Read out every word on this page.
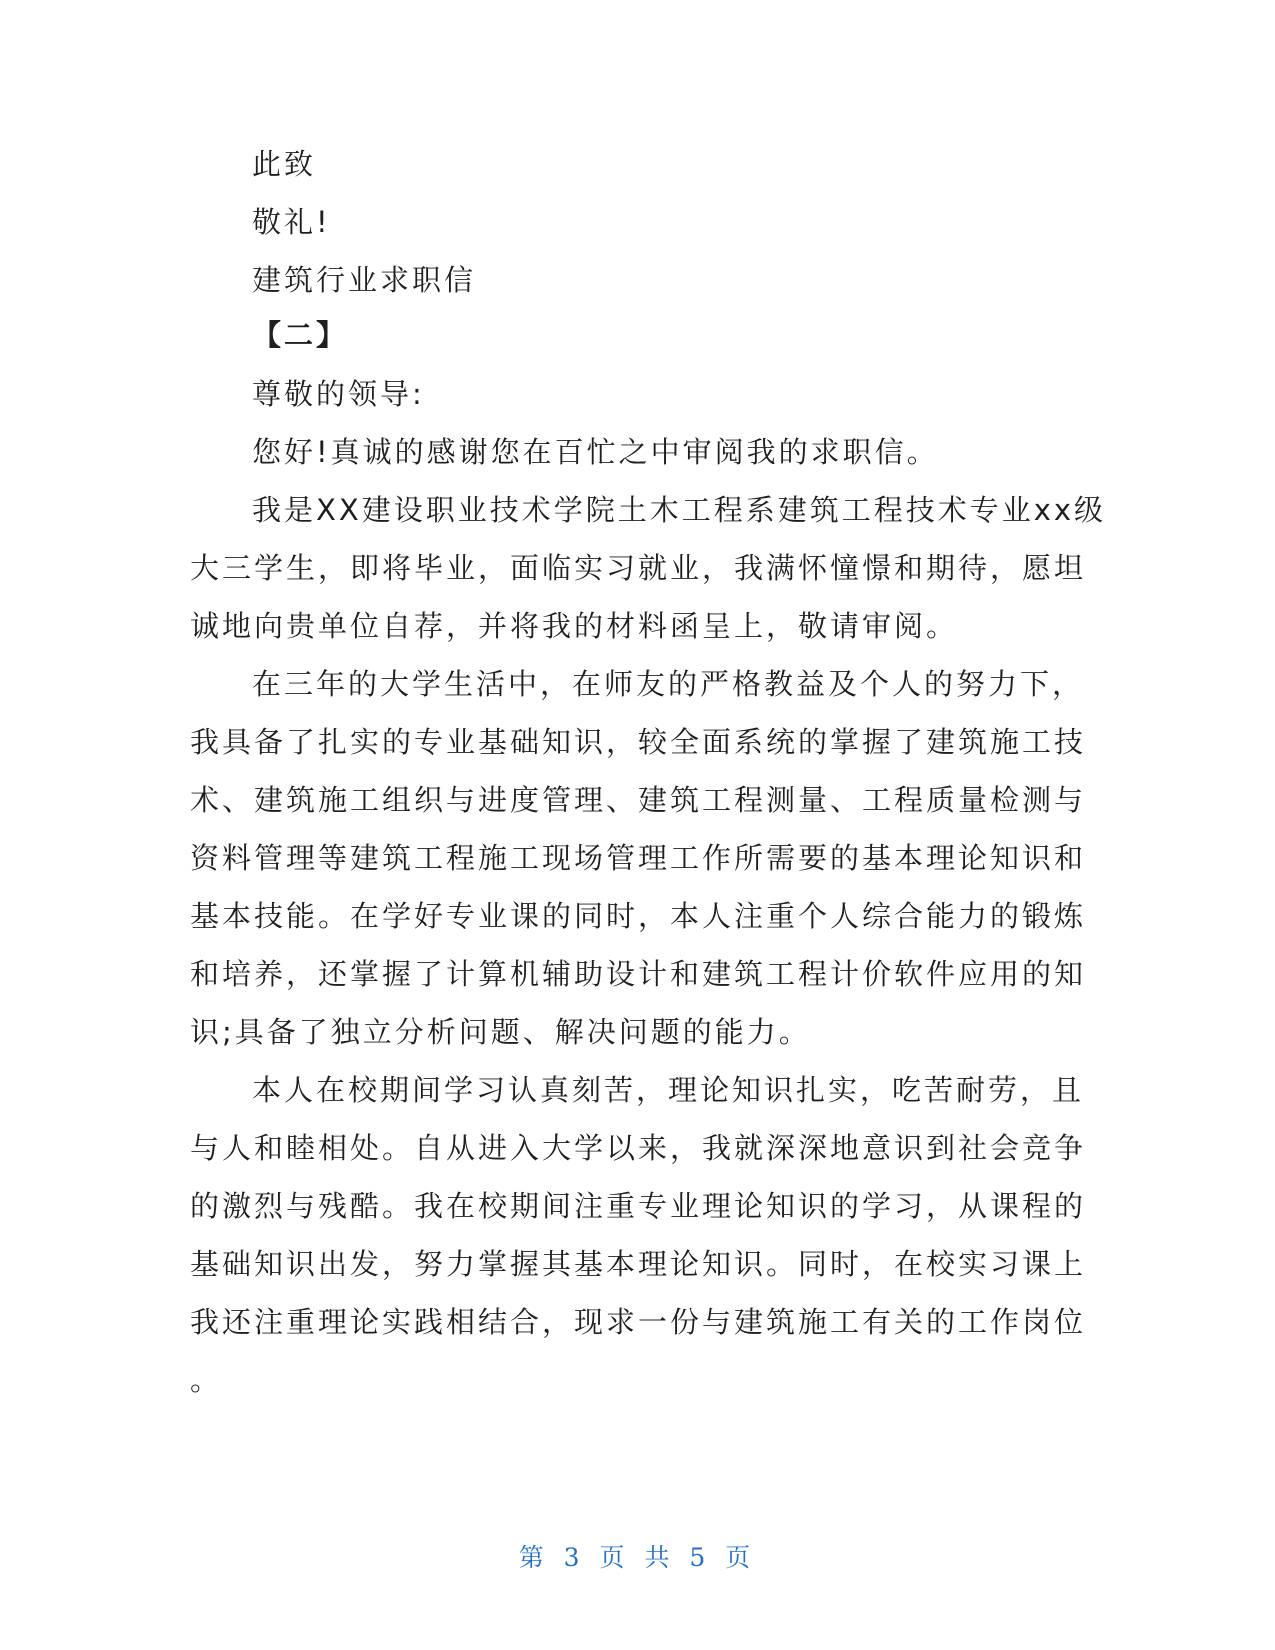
此致
敬礼!
建筑行业求职信
【二】
尊敬的领导:
您好!真诚的感谢您在百忙之中审阅我的求职信。
我是XX建设职业技术学院土木工程系建筑工程技术专业xx级
大三学生，即将毕业，面临实习就业，我满怀憧憬和期待，愿坦
诚地向贵单位自荐，并将我的材料函呈上，敬请审阅。
在三年的大学生活中，在师友的严格教益及个人的努力下，
我具备了扎实的专业基础知识，较全面系统的掌握了建筑施工技
术、建筑施工组织与进度管理、建筑工程测量、工程质量检测与
资料管理等建筑工程施工现场管理工作所需要的基本理论知识和
基本技能。在学好专业课的同时，本人注重个人综合能力的锻炼
和培养，还掌握了计算机辅助设计和建筑工程计价软件应用的知
识;具备了独立分析问题、解决问题的能力。
本人在校期间学习认真刻苦，理论知识扎实，吃苦耐劳，且
与人和睦相处。自从进入大学以来，我就深深地意识到社会竞争
的激烈与残酷。我在校期间注重专业理论知识的学习，从课程的
基础知识出发，努力掌握其基本理论知识。同时，在校实习课上
我还注重理论实践相结合，现求一份与建筑施工有关的工作岗位
。
第 3 页 共 5 页
